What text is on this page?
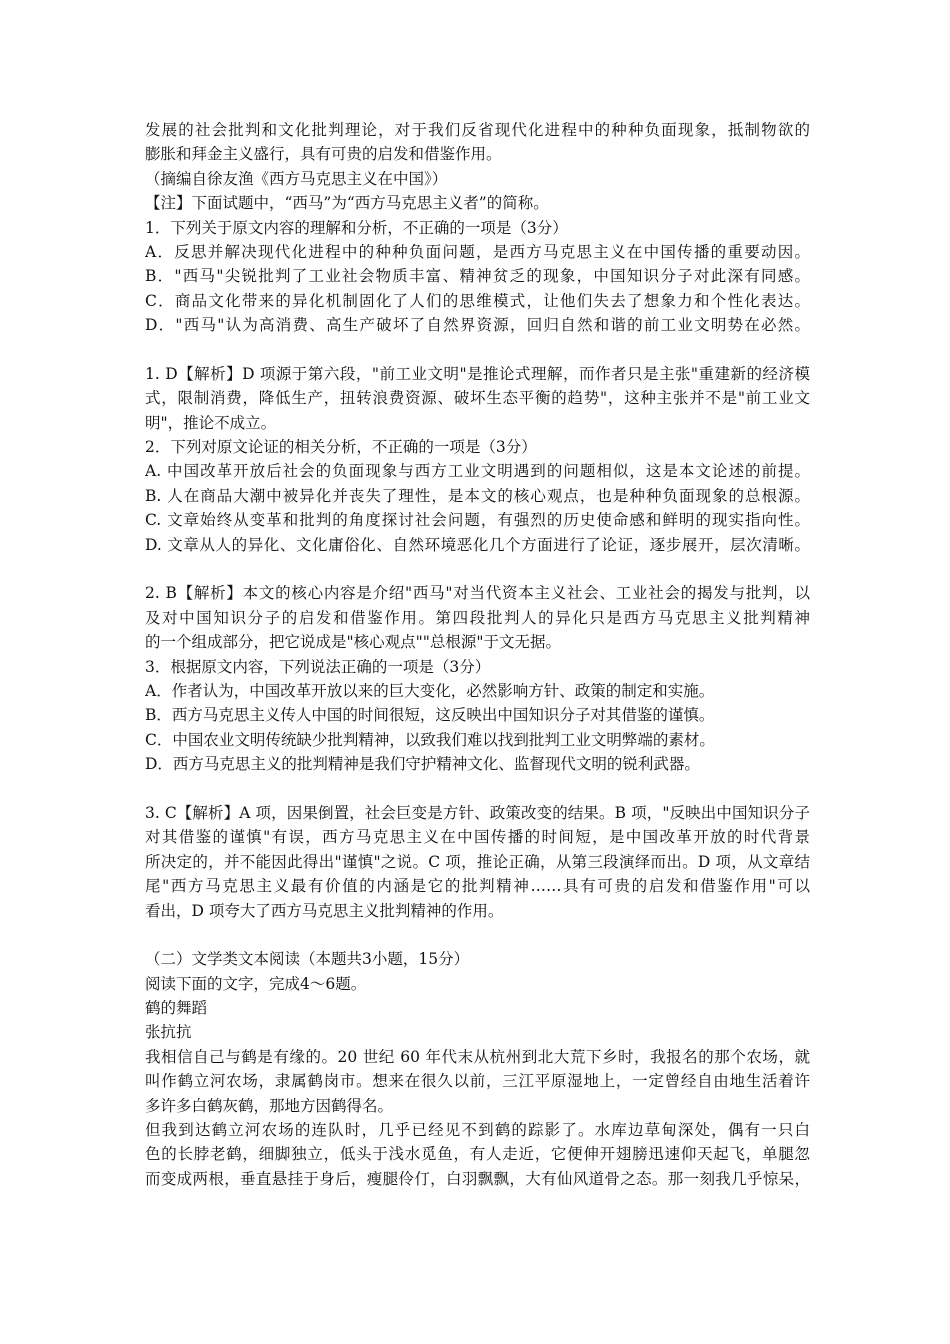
发展的社会批判和文化批判理论，对于我们反省现代化进程中的种种负面现象，抵制物欲的
膨胀和拜金主义盛行，具有可贵的启发和借鉴作用。
（摘编自徐友渔《西方马克思主义在中国》）
【注】下面试题中，“西马”为“西方马克思主义者”的简称。
1．下列关于原文内容的理解和分析，不正确的一项是（3分）
A．反思并解决现代化进程中的种种负面问题，是西方马克思主义在中国传播的重要动因。
B．"西马"尖锐批判了工业社会物质丰富、精神贫乏的现象，中国知识分子对此深有同感。
C．商品文化带来的异化机制固化了人们的思维模式，让他们失去了想象力和个性化表达。
D．"西马"认为高消费、高生产破坏了自然界资源，回归自然和谐的前工业文明势在必然。
1. D【解析】D 项源于第六段，"前工业文明"是推论式理解，而作者只是主张"重建新的经济模
式，限制消费，降低生产，扭转浪费资源、破坏生态平衡的趋势"，这种主张并不是"前工业文
明"，推论不成立。
2．下列对原文论证的相关分析，不正确的一项是（3分）
A. 中国改革开放后社会的负面现象与西方工业文明遇到的问题相似，这是本文论述的前提。
B. 人在商品大潮中被异化并丧失了理性，是本文的核心观点，也是种种负面现象的总根源。
C. 文章始终从变革和批判的角度探讨社会问题，有强烈的历史使命感和鲜明的现实指向性。
D. 文章从人的异化、文化庸俗化、自然环境恶化几个方面进行了论证，逐步展开，层次清晰。
2. B【解析】本文的核心内容是介绍"西马"对当代资本主义社会、工业社会的揭发与批判，以
及对中国知识分子的启发和借鉴作用。第四段批判人的异化只是西方马克思主义批判精神
的一个组成部分，把它说成是"核心观点""总根源"于文无据。
3．根据原文内容，下列说法正确的一项是（3分）
A．作者认为，中国改革开放以来的巨大变化，必然影响方针、政策的制定和实施。
B．西方马克思主义传人中国的时间很短，这反映出中国知识分子对其借鉴的谨慎。
C．中国农业文明传统缺少批判精神，以致我们难以找到批判工业文明弊端的素材。
D．西方马克思主义的批判精神是我们守护精神文化、监督现代文明的锐利武器。
3. C【解析】A 项，因果倒置，社会巨变是方针、政策改变的结果。B 项，"反映出中国知识分子
对其借鉴的谨慎"有误，西方马克思主义在中国传播的时间短，是中国改革开放的时代背景
所决定的，并不能因此得出"谨慎"之说。C 项，推论正确，从第三段演绎而出。D 项，从文章结
尾"西方马克思主义最有价值的内涵是它的批判精神……具有可贵的启发和借鉴作用"可以
看出，D 项夸大了西方马克思主义批判精神的作用。
（二）文学类文本阅读（本题共3小题，15分）
阅读下面的文字，完成4～6题。
鹤的舞蹈
张抗抗
我相信自己与鹤是有缘的。20 世纪 60 年代末从杭州到北大荒下乡时，我报名的那个农场，就
叫作鹤立河农场，隶属鹤岗市。想来在很久以前，三江平原湿地上，一定曾经自由地生活着许
多许多白鹤灰鹤，那地方因鹤得名。
但我到达鹤立河农场的连队时，几乎已经见不到鹤的踪影了。水库边草甸深处，偶有一只白
色的长脖老鹤，细脚独立，低头于浅水觅鱼，有人走近，它便伸开翅膀迅速仰天起飞，单腿忽
而变成两根，垂直悬挂于身后，瘦腿伶仃，白羽飘飘，大有仙风道骨之态。那一刻我几乎惊呆，
